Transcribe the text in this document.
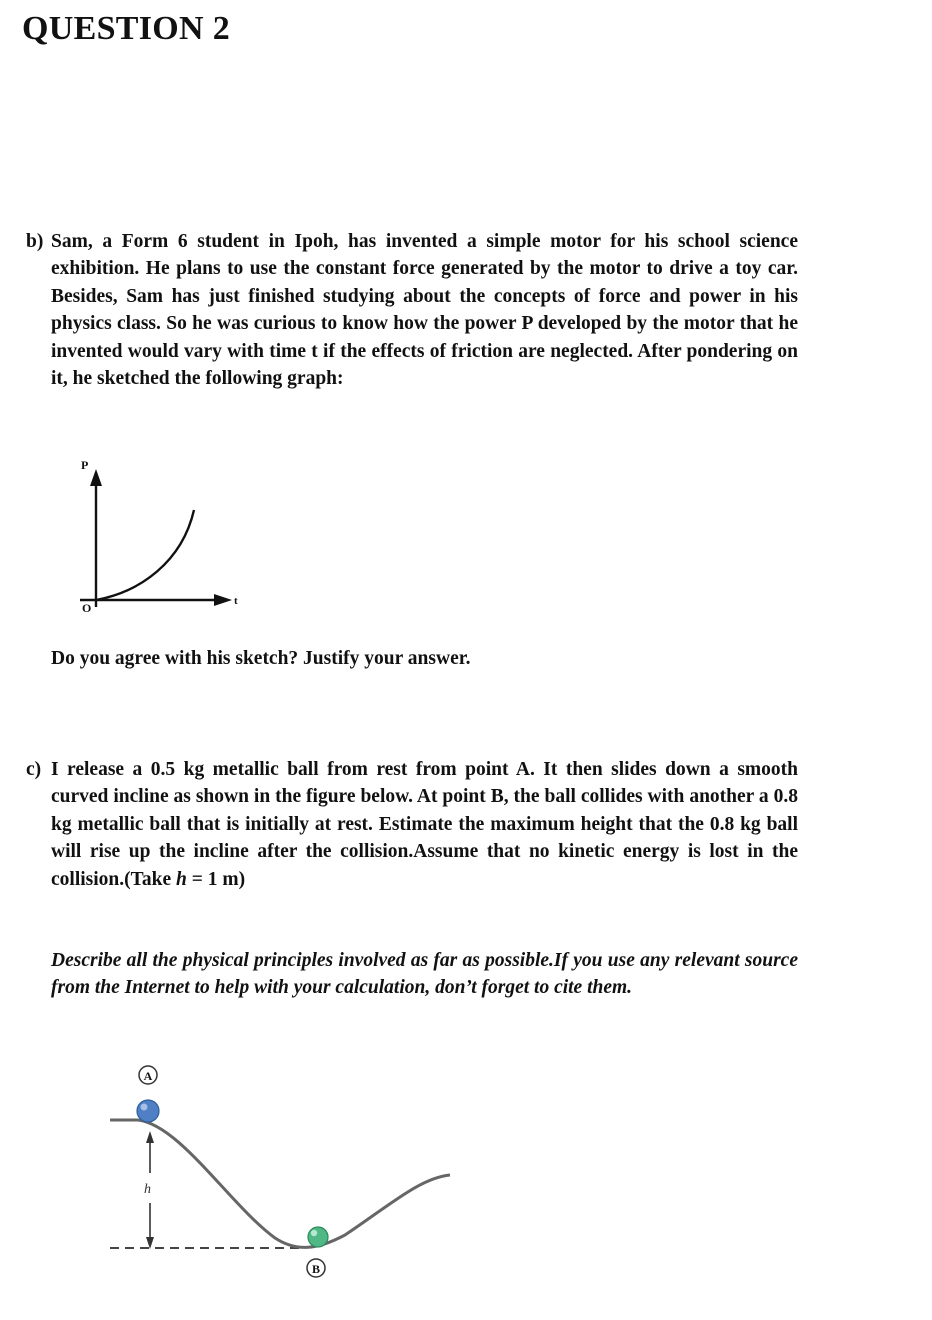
QUESTION 2
b) Sam, a Form 6 student in Ipoh, has invented a simple motor for his school science exhibition. He plans to use the constant force generated by the motor to drive a toy car. Besides, Sam has just finished studying about the concepts of force and power in his physics class. So he was curious to know how the power P developed by the motor that he invented would vary with time t if the effects of friction are neglected. After pondering on it, he sketched the following graph:
P
t
O
Do you agree with his sketch? Justify your answer.
c) I release a 0.5 kg metallic ball from rest from point A. It then slides down a smooth curved incline as shown in the figure below. At point B, the ball collides with another a 0.8 kg metallic ball that is initially at rest. Estimate the maximum height that the 0.8 kg ball will rise up the incline after the collision.Assume that no kinetic energy is lost in the collision.(Take h = 1 m)
Describe all the physical principles involved as far as possible.If you use any relevant source from the Internet to help with your calculation, don’t forget to cite them.
h
A
B
